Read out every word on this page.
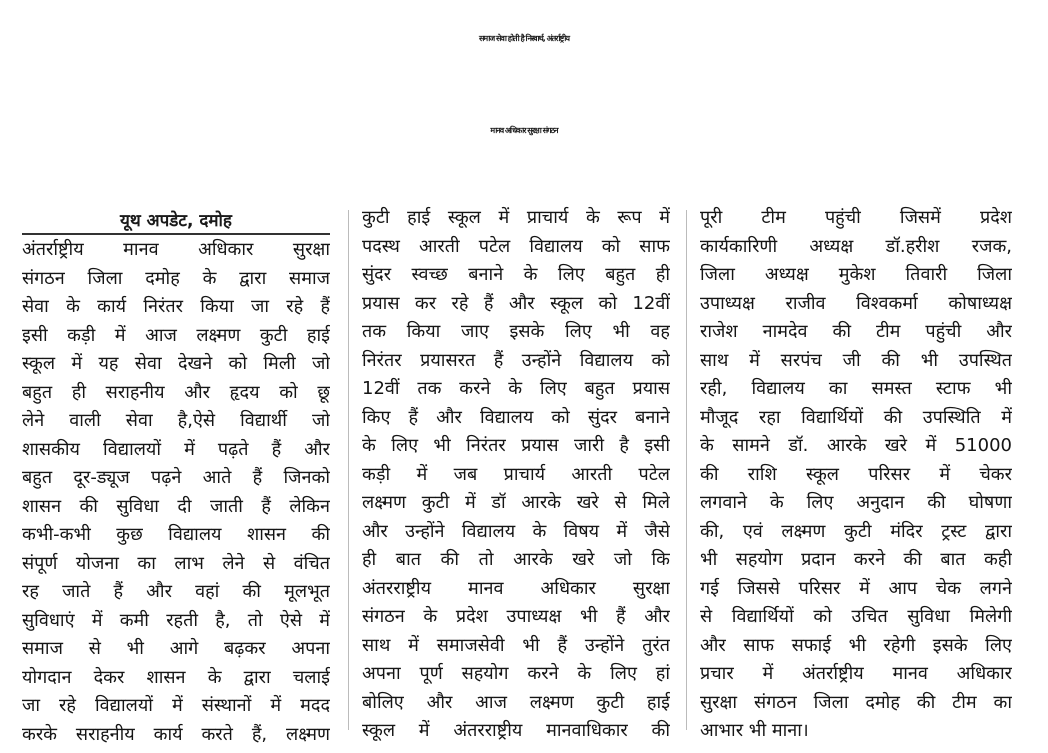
समाज सेवा होती है निस्वार्थ, अंतर्राष्ट्रीय
मानव अधिकार सुरक्षा संगठन
यूथ अपडेट, दमोह
अंतर्राष्ट्रीय मानव अधिकार सुरक्षा
संगठन जिला दमोह के द्वारा समाज
सेवा के कार्य निरंतर किया जा रहे हैं
इसी कड़ी में आज लक्ष्मण कुटी हाई
स्कूल में यह सेवा देखने को मिली जो
बहुत ही सराहनीय और हृदय को छू
लेने वाली सेवा है,ऐसे विद्यार्थी जो
शासकीय विद्यालयों में पढ़ते हैं और
बहुत दूर-ड्यूज पढ़ने आते हैं जिनको
शासन की सुविधा दी जाती हैं लेकिन
कभी-कभी कुछ विद्यालय शासन की
संपूर्ण योजना का लाभ लेने से वंचित
रह जाते हैं और वहां की मूलभूत
सुविधाएं में कमी रहती है, तो ऐसे में
समाज से भी आगे बढ़कर अपना
योगदान देकर शासन के द्वारा चलाई
जा रहे विद्यालयों में संस्थानों में मदद
करके सराहनीय कार्य करते हैं, लक्ष्मण
कुटी हाई स्कूल में प्राचार्य के रूप में
पदस्थ आरती पटेल विद्यालय को साफ
सुंदर स्वच्छ बनाने के लिए बहुत ही
प्रयास कर रहे हैं और स्कूल को 12वीं
तक किया जाए इसके लिए भी वह
निरंतर प्रयासरत हैं उन्होंने विद्यालय को
12वीं तक करने के लिए बहुत प्रयास
किए हैं और विद्यालय को सुंदर बनाने
के लिए भी निरंतर प्रयास जारी है इसी
कड़ी में जब प्राचार्य आरती पटेल
लक्ष्मण कुटी में डॉ आरके खरे से मिले
और उन्होंने विद्यालय के विषय में जैसे
ही बात की तो आरके खरे जो कि
अंतरराष्ट्रीय मानव अधिकार सुरक्षा
संगठन के प्रदेश उपाध्यक्ष भी हैं और
साथ में समाजसेवी भी हैं उन्होंने तुरंत
अपना पूर्ण सहयोग करने के लिए हां
बोलिए और आज लक्ष्मण कुटी हाई
स्कूल में अंतरराष्ट्रीय मानवाधिकार की
पूरी टीम पहुंची जिसमें प्रदेश
कार्यकारिणी अध्यक्ष डॉ.हरीश रजक,
जिला अध्यक्ष मुकेश तिवारी जिला
उपाध्यक्ष राजीव विश्वकर्मा कोषाध्यक्ष
राजेश नामदेव की टीम पहुंची और
साथ में सरपंच जी की भी उपस्थित
रही, विद्यालय का समस्त स्टाफ भी
मौजूद रहा विद्यार्थियों की उपस्थिति में
के सामने डॉ. आरके खरे में 51000
की राशि स्कूल परिसर में चेकर
लगवाने के लिए अनुदान की घोषणा
की, एवं लक्ष्मण कुटी मंदिर ट्रस्ट द्वारा
भी सहयोग प्रदान करने की बात कही
गई जिससे परिसर में आप चेक लगने
से विद्यार्थियों को उचित सुविधा मिलेगी
और साफ सफाई भी रहेगी इसके लिए
प्रचार में अंतर्राष्ट्रीय मानव अधिकार
सुरक्षा संगठन जिला दमोह की टीम का
आभार भी माना।
